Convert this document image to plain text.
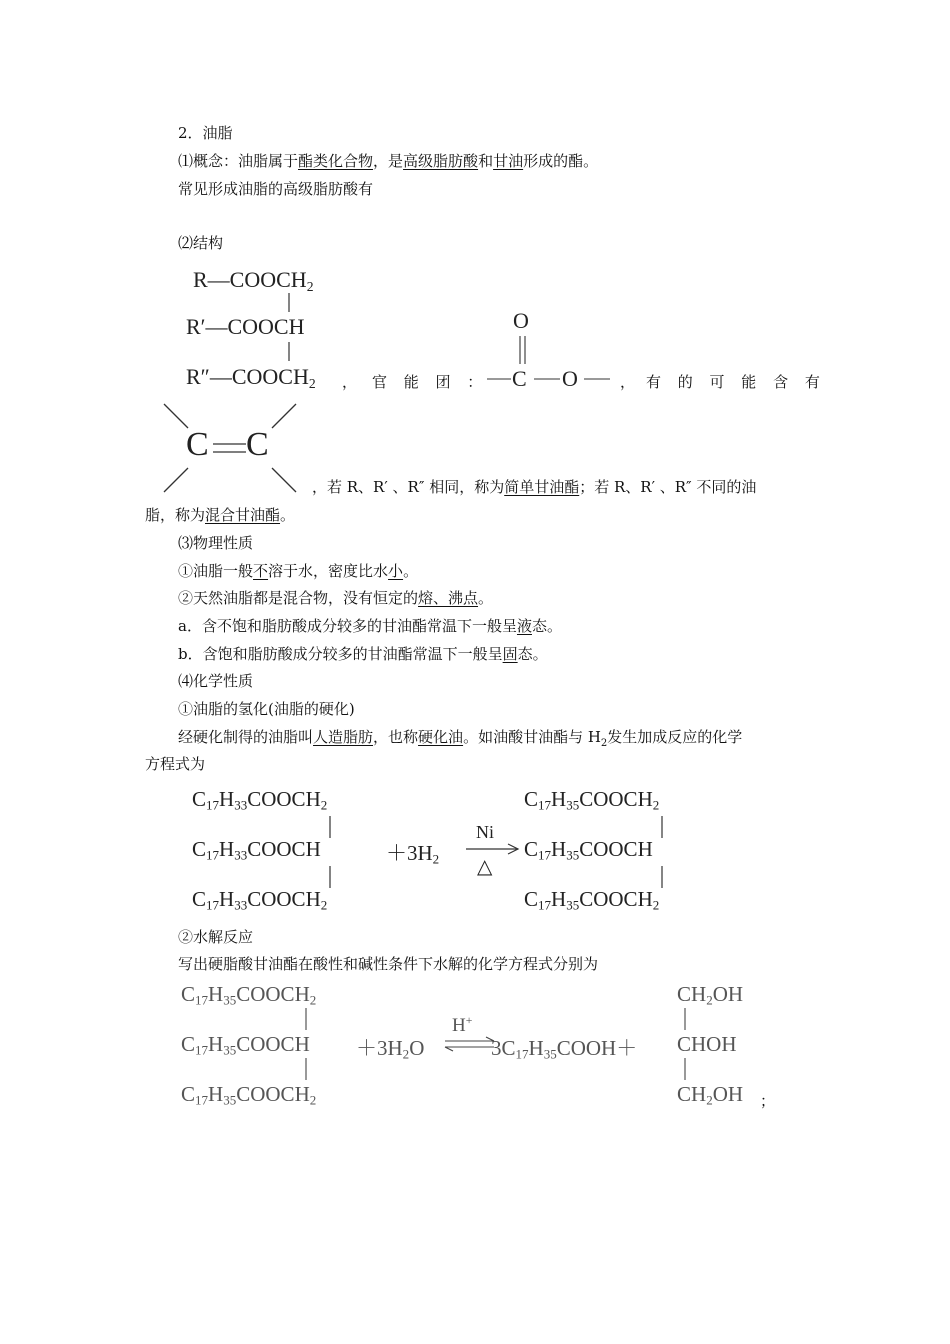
2．油脂
⑴概念：油脂属于酯类化合物，是高级脂肪酸和甘油形成的酯。
常见形成油脂的高级脂肪酸有
⑵结构
$R—COOCH_2$
R′—COOCH
$R''—COOCH_2$ ， 官 能 团 ：
O
C O	， 有 的 可 能 含 有
C C
，若 R、R′ 、R″ 相同，称为简单甘油酯；若 R、R′ 、R″ 不同的油
脂，称为混合甘油酯。
⑶物理性质
①油脂一般不溶于水，密度比水小。
②天然油脂都是混合物，没有恒定的熔、沸点。
a．含不饱和脂肪酸成分较多的甘油酯常温下一般呈液态。
b．含饱和脂肪酸成分较多的甘油酯常温下一般呈固态。
⑷化学性质
①油脂的氢化(油脂的硬化)
经硬化制得的油脂叫人造脂肪，也称硬化油。如油酸甘油酯与 $H_2$发生加成反应的化学
方程式为
$C_{17}H_{33}COOCH_2$
$C_{17}H_{33}COOCH$
$C_{17}H_{33}COOCH_2$
$+3H_2$
Ni
△
$C_{17}H_{35}COOCH_2$
$C_{17}H_{35}COOCH$
$C_{17}H_{35}COOCH_2$
②水解反应
写出硬脂酸甘油酯在酸性和碱性条件下水解的化学方程式分别为
$C_{17}H_{35}COOCH_2$
$C_{17}H_{35}COOCH$
$C_{17}H_{35}COOCH_2$
$+3H_2O$
H+
$3C_{17}H_{35}COOH+$
$CH_2OH$
CHOH
$CH_2OH$ ；
